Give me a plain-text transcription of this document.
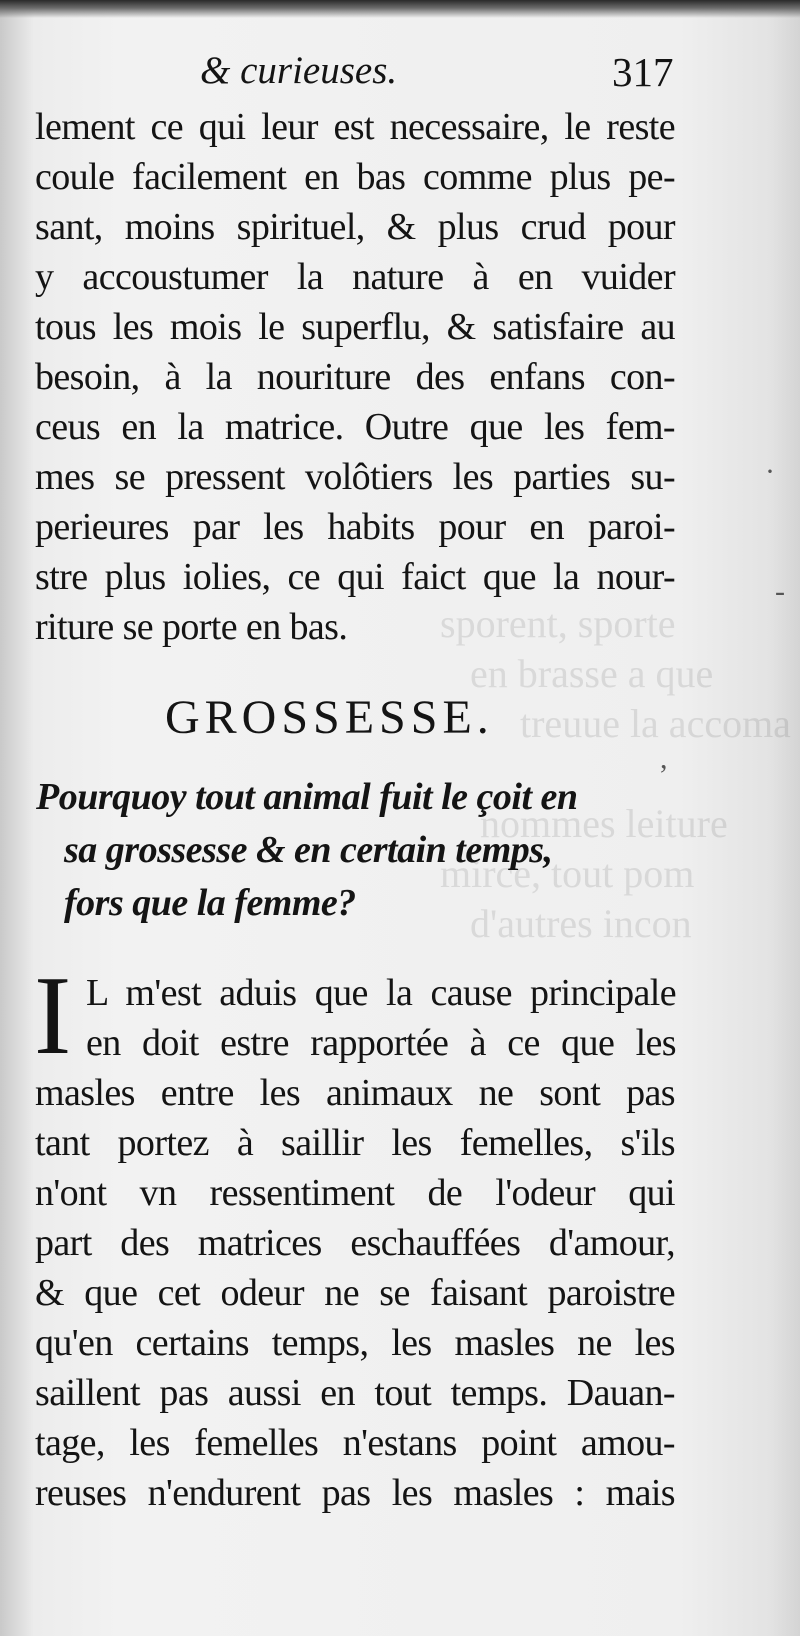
sporent, sporte
en brasse a que
treuue la accoma
nommes leiture
mirce, tout pom
d'autres incon
& curieuses.	317
lement ce qui leur est necessaire, le reste
coule facilement en bas comme plus pe-
sant, moins spirituel, & plus crud pour
y accoustumer la nature à en vuider
tous les mois le superflu, & satisfaire au
besoin, à la nouriture des enfans con-
ceus en la matrice. Outre que les fem-
mes se pressent volôtiers les parties su-
perieures par les habits pour en paroi-
stre plus iolies, ce qui faict que la nour-
riture se porte en bas.
GROSSESSE.
,
Pourquoy tout animal fuit le çoit en
sa grossesse & en certain temps,
fors que la femme?
I L m'est aduis que la cause principale
en doit estre rapportée à ce que les
masles entre les animaux ne sont pas
tant portez à saillir les femelles, s'ils
n'ont vn ressentiment de l'odeur qui
part des matrices eschauffées d'amour,
& que cet odeur ne se faisant paroistre
qu'en certains temps, les masles ne les
saillent pas aussi en tout temps. Dauan-
tage, les femelles n'estans point amou-
reuses n'endurent pas les masles : mais
·
-
